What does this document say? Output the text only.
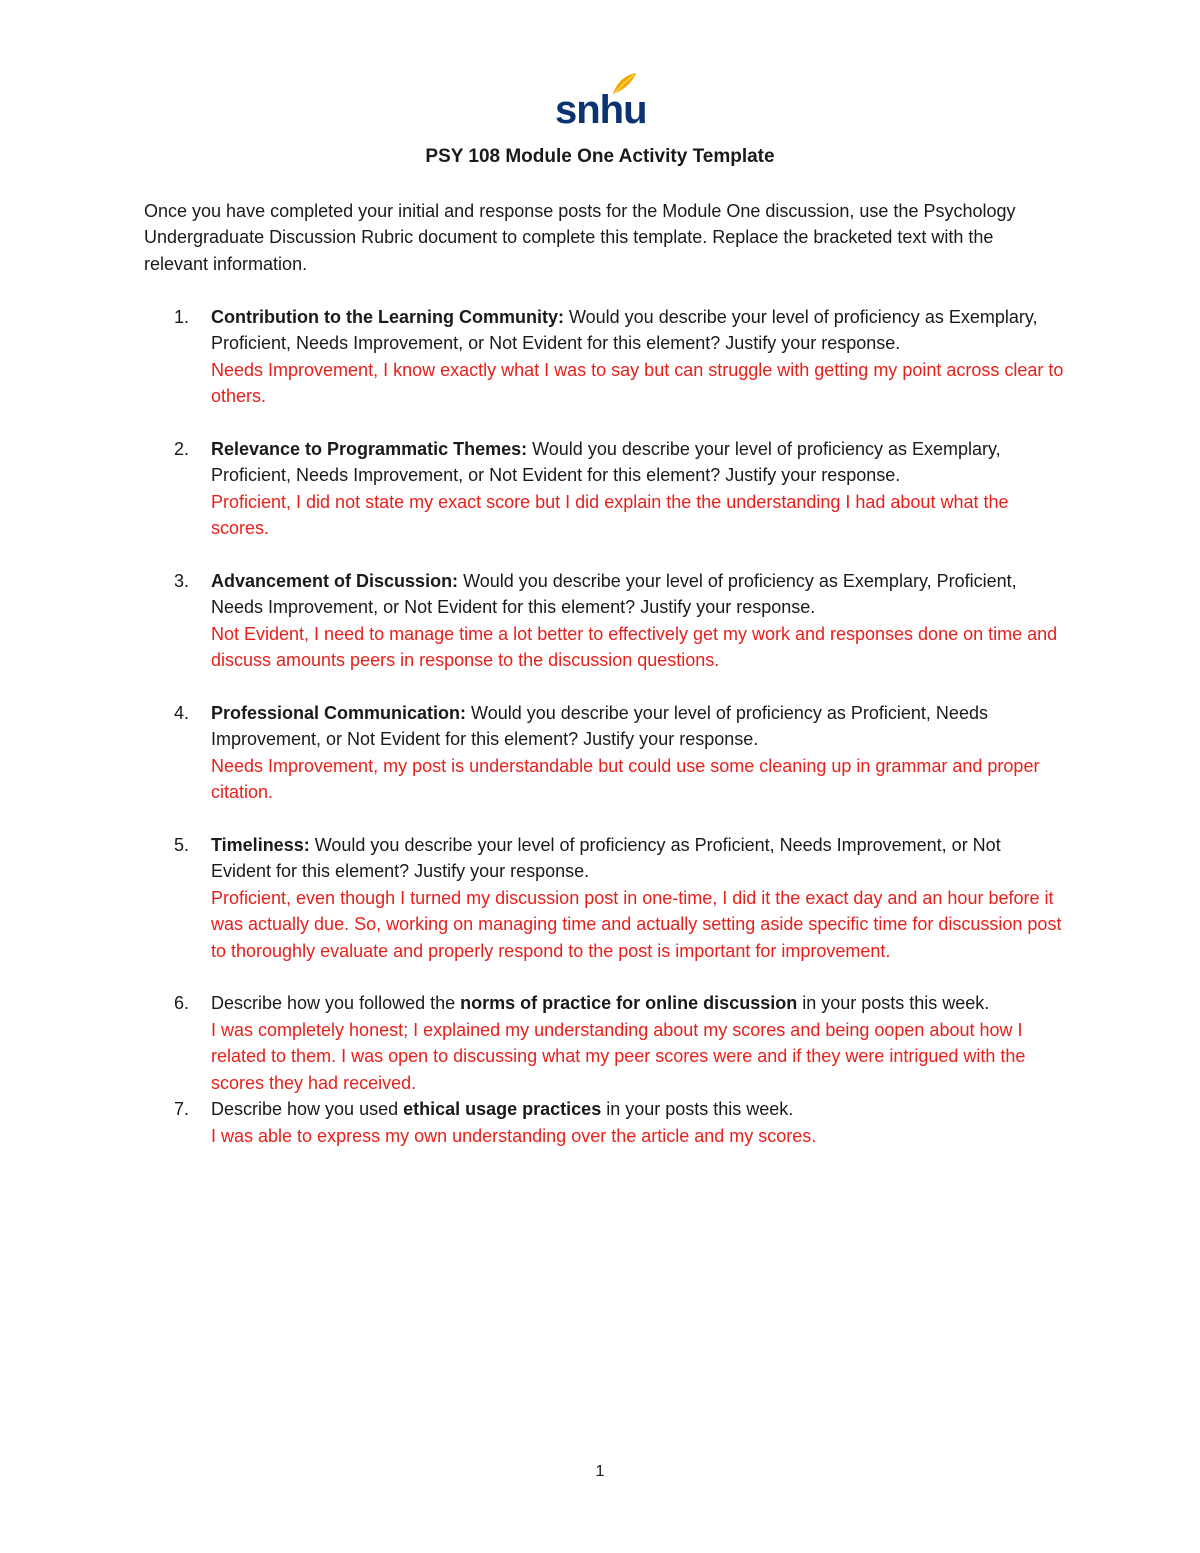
snhu
PSY 108 Module One Activity Template

Once you have completed your initial and response posts for the Module One discussion, use the Psychology Undergraduate Discussion Rubric document to complete this template. Replace the bracketed text with the relevant information.

1. Contribution to the Learning Community: Would you describe your level of proficiency as Exemplary, Proficient, Needs Improvement, or Not Evident for this element? Justify your response.
Needs Improvement, I know exactly what I was to say but can struggle with getting my point across clear to others.
2. Relevance to Programmatic Themes: Would you describe your level of proficiency as Exemplary, Proficient, Needs Improvement, or Not Evident for this element? Justify your response.
Proficient, I did not state my exact score but I did explain the the understanding I had about what the scores.
3. Advancement of Discussion: Would you describe your level of proficiency as Exemplary, Proficient, Needs Improvement, or Not Evident for this element? Justify your response.
Not Evident, I need to manage time a lot better to effectively get my work and responses done on time and discuss amounts peers in response to the discussion questions.
4. Professional Communication: Would you describe your level of proficiency as Proficient, Needs Improvement, or Not Evident for this element? Justify your response.
Needs Improvement, my post is understandable but could use some cleaning up in grammar and proper citation.
5. Timeliness: Would you describe your level of proficiency as Proficient, Needs Improvement, or Not Evident for this element? Justify your response.
Proficient, even though I turned my discussion post in one-time, I did it the exact day and an hour before it was actually due. So, working on managing time and actually setting aside specific time for discussion post to thoroughly evaluate and properly respond to the post is important for improvement.
6. Describe how you followed the norms of practice for online discussion in your posts this week.
I was completely honest; I explained my understanding about my scores and being oopen about how I related to them. I was open to discussing what my peer scores were and if they were intrigued with the scores they had received.
7. Describe how you used ethical usage practices in your posts this week.
I was able to express my own understanding over the article and my scores.
1
